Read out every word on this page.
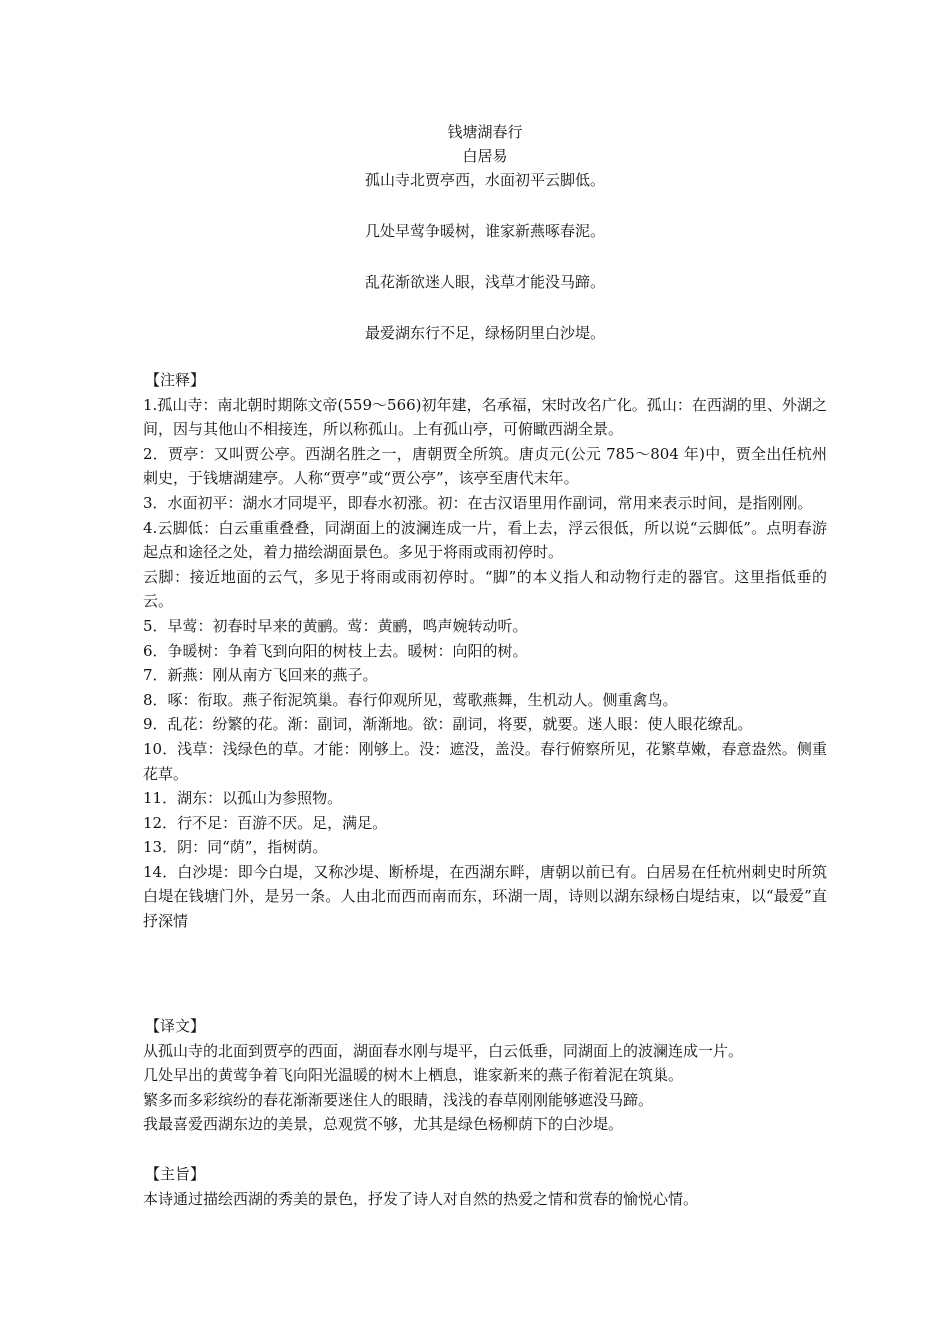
钱塘湖春行
白居易
孤山寺北贾亭西，水面初平云脚低。
几处早莺争暖树，谁家新燕啄春泥。
乱花渐欲迷人眼，浅草才能没马蹄。
最爱湖东行不足，绿杨阴里白沙堤。
【注释】
1.孤山寺：南北朝时期陈文帝(559～566)初年建，名承福，宋时改名广化。孤山：在西湖的里、外湖之间，因与其他山不相接连，所以称孤山。上有孤山亭，可俯瞰西湖全景。
2．贾亭：又叫贾公亭。西湖名胜之一，唐朝贾全所筑。唐贞元(公元 785～804 年)中，贾全出任杭州刺史，于钱塘湖建亭。人称“贾亭”或“贾公亭”，该亭至唐代末年。
3．水面初平：湖水才同堤平，即春水初涨。初：在古汉语里用作副词，常用来表示时间，是指刚刚。
4.云脚低：白云重重叠叠，同湖面上的波澜连成一片，看上去，浮云很低，所以说“云脚低”。点明春游起点和途径之处，着力描绘湖面景色。多见于将雨或雨初停时。
云脚：接近地面的云气，多见于将雨或雨初停时。“脚”的本义指人和动物行走的器官。这里指低垂的云。
5．早莺：初春时早来的黄鹂。莺：黄鹂，鸣声婉转动听。
6．争暖树：争着飞到向阳的树枝上去。暖树：向阳的树。
7．新燕：刚从南方飞回来的燕子。
8．啄：衔取。燕子衔泥筑巢。春行仰观所见，莺歌燕舞，生机动人。侧重禽鸟。
9．乱花：纷繁的花。渐：副词，渐渐地。欲：副词，将要，就要。迷人眼：使人眼花缭乱。
10．浅草：浅绿色的草。才能：刚够上。没：遮没，盖没。春行俯察所见，花繁草嫩，春意盎然。侧重花草。
11．湖东：以孤山为参照物。
12．行不足：百游不厌。足，满足。
13．阴：同“荫”，指树荫。
14．白沙堤：即今白堤，又称沙堤、断桥堤，在西湖东畔，唐朝以前已有。白居易在任杭州刺史时所筑白堤在钱塘门外，是另一条。人由北而西而南而东，环湖一周，诗则以湖东绿杨白堤结束，以“最爱”直抒深情
【译文】
从孤山寺的北面到贾亭的西面，湖面春水刚与堤平，白云低垂，同湖面上的波澜连成一片。
几处早出的黄莺争着飞向阳光温暖的树木上栖息，谁家新来的燕子衔着泥在筑巢。
繁多而多彩缤纷的春花渐渐要迷住人的眼睛，浅浅的春草刚刚能够遮没马蹄。
我最喜爱西湖东边的美景，总观赏不够，尤其是绿色杨柳荫下的白沙堤。
【主旨】
本诗通过描绘西湖的秀美的景色，抒发了诗人对自然的热爱之情和赏春的愉悦心情。
